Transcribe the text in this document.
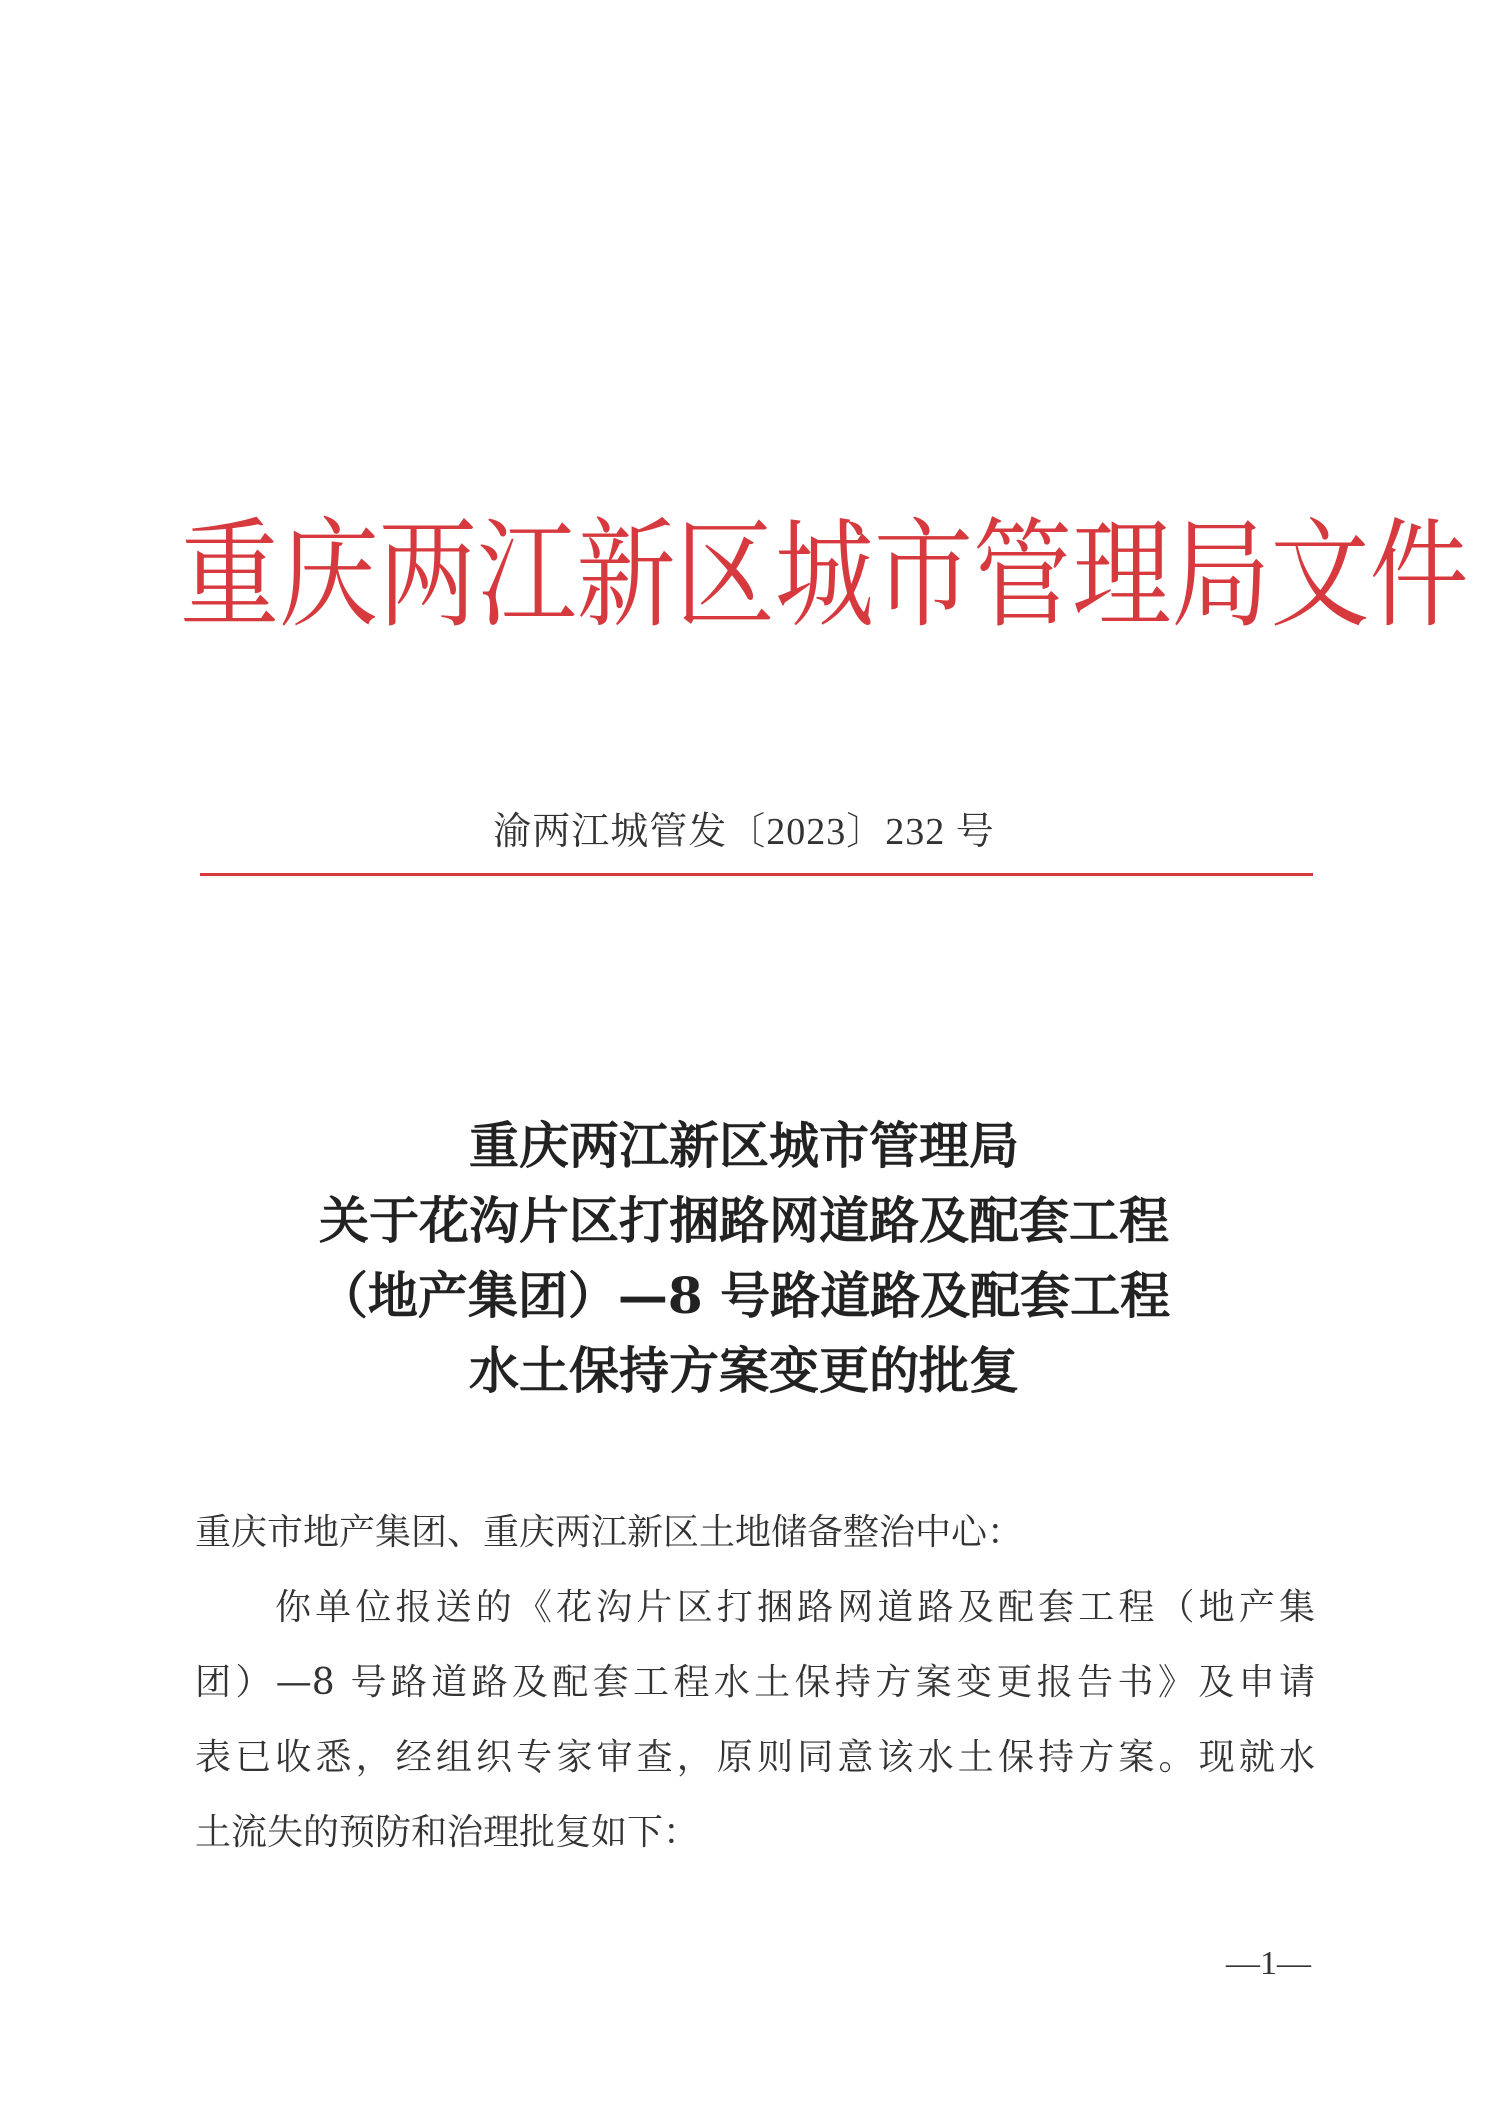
重庆两江新区城市管理局文件
渝两江城管发〔2023〕232 号
重庆两江新区城市管理局
关于花沟片区打捆路网道路及配套工程
（地产集团）—8 号路道路及配套工程
水土保持方案变更的批复
重庆市地产集团、重庆两江新区土地储备整治中心：
你单位报送的《花沟片区打捆路网道路及配套工程（地产集
团）—8 号路道路及配套工程水土保持方案变更报告书》及申请
表已收悉，经组织专家审查，原则同意该水土保持方案。现就水
土流失的预防和治理批复如下：
—1—
